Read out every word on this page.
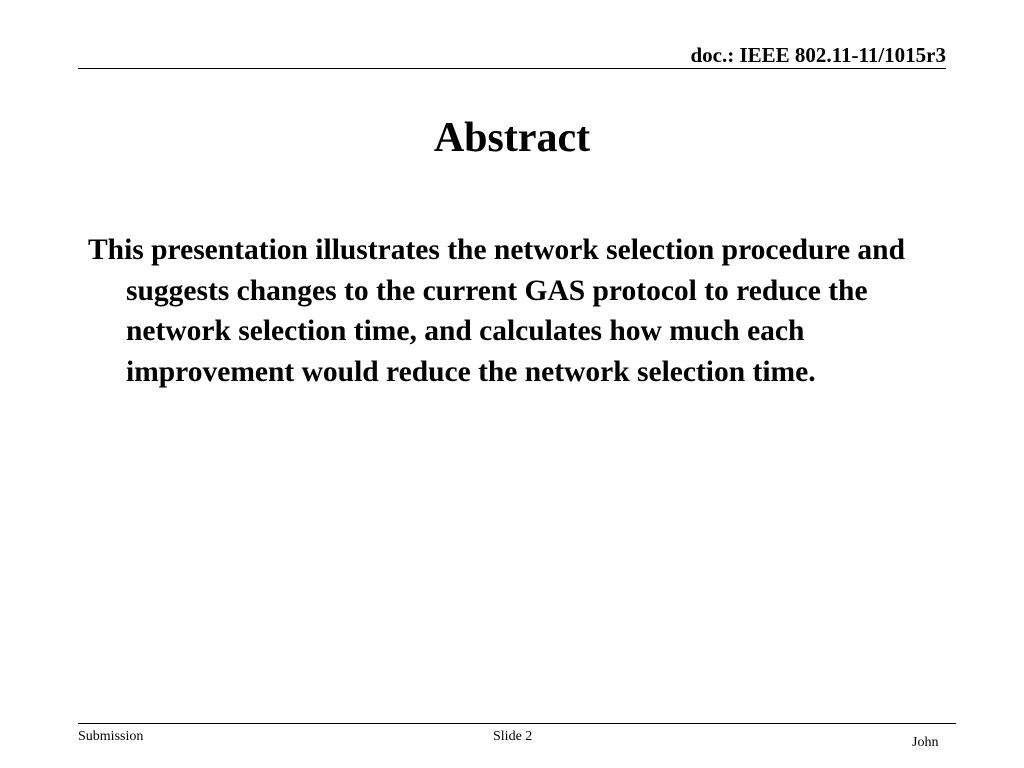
doc.: IEEE 802.11-11/1015r3
Abstract

This presentation illustrates the network selection procedure and suggests changes to the current GAS protocol to reduce the network selection time, and calculates how much each improvement would reduce the network selection time.

Submission	Slide 2	John
